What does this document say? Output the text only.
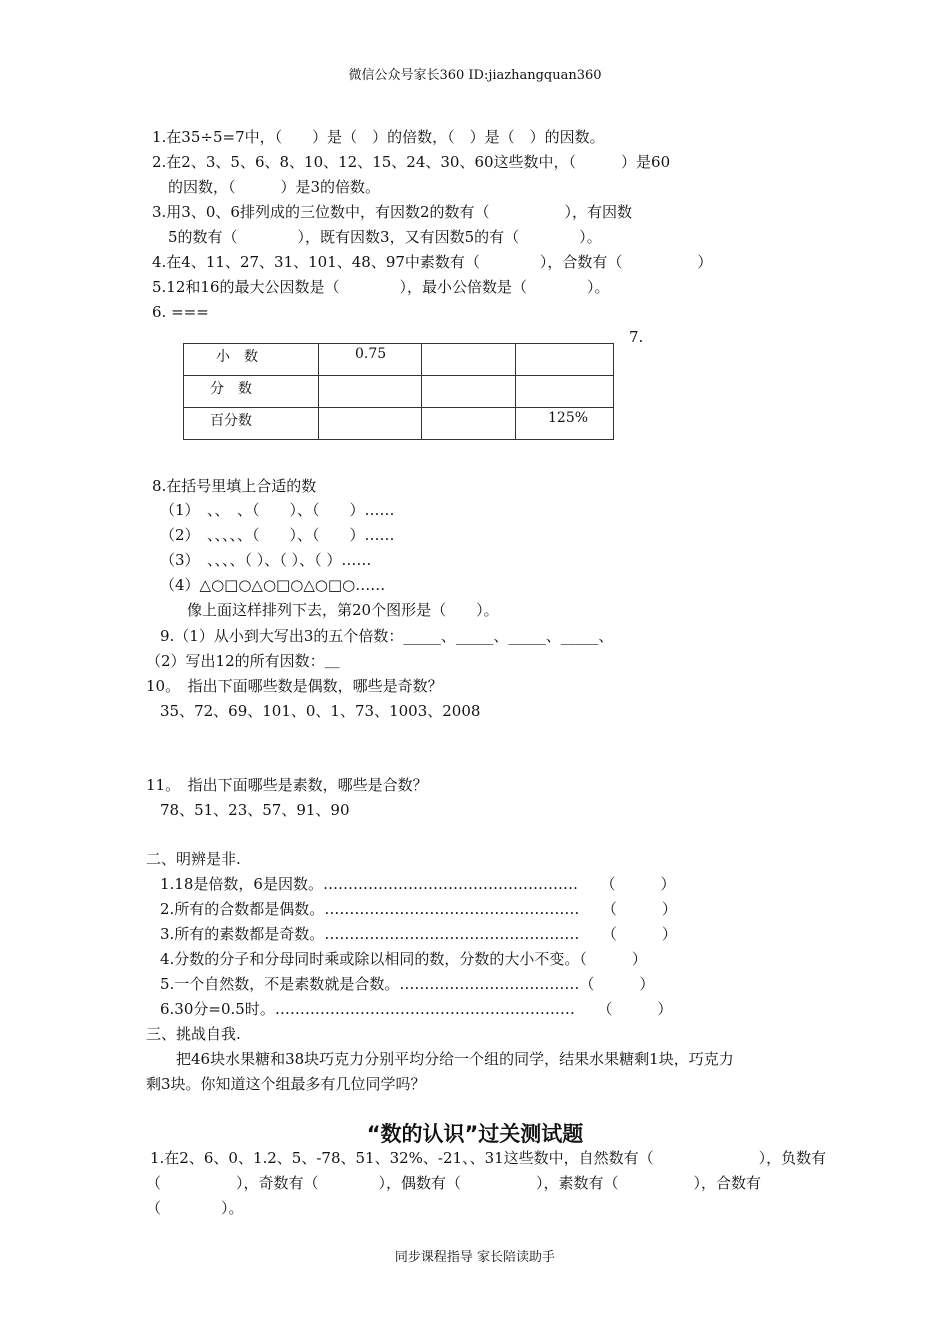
微信公众号家长360 ID:jiazhangquan360
1.在35÷5=7中，（　　）是（　）的倍数，（　）是（　）的因数。
2.在2、3、5、6、8、10、12、15、24、30、60这些数中，（　　　）是60
的因数，（　　　）是3的倍数。
3.用3、0、6排列成的三位数中，有因数2的数有（　　　　　），有因数
5的数有（　　　　），既有因数3，又有因数5的有（　　　　）。
4.在4、11、27、31、101、48、97中素数有（　　　　），合数有（　　　　　）
5.12和16的最大公因数是（　　　　），最小公倍数是（　　　　）。
6. ===
7.
小　数	0.75		

分　数			

百分数			125%
8.在括号里填上合适的数
（1）　、、　、（　　）、（　　）……
（2）　、、、、、（　　）、（　　）……
（3）　、、、、（ ）、（ ）、（ ）……
（4）△○□○△○□○△○□○……
像上面这样排列下去，第20个图形是（　　）。
9.（1）从小到大写出3的五个倍数：_____、_____、_____、_____、
（2）写出12的所有因数：＿
10。　指出下面哪些数是偶数，哪些是奇数？
35、72、69、101、0、1、73、1003、2008
11。　指出下面哪些是素数，哪些是合数？
78、51、23、57、91、90
二、明辨是非.
1.18是倍数，6是因数。……………………………………………　　（　　　）
2.所有的合数都是偶数。……………………………………………　　（　　　）
3.所有的素数都是奇数。……………………………………………　　（　　　）
4.分数的分子和分母同时乘或除以相同的数，分数的大小不变。（　　　）
5.一个自然数，不是素数就是合数。………………………………（　　　）
6.30分=0.5时。……………………………………………………　　（　　　）
三、挑战自我.
把46块水果糖和38块巧克力分别平均分给一个组的同学，结果水果糖剩1块，巧克力
剩3块。你知道这个组最多有几位同学吗？
“数的认识”过关测试题
1.在2、6、0、1.2、5、-78、51、32%、-21、、31这些数中，自然数有（　　　　　　　），负数有
（　　　　　），奇数有（　　　　），偶数有（　　　　　），素数有（　　　　　），合数有
（　　　　）。
同步课程指导 家长陪读助手
